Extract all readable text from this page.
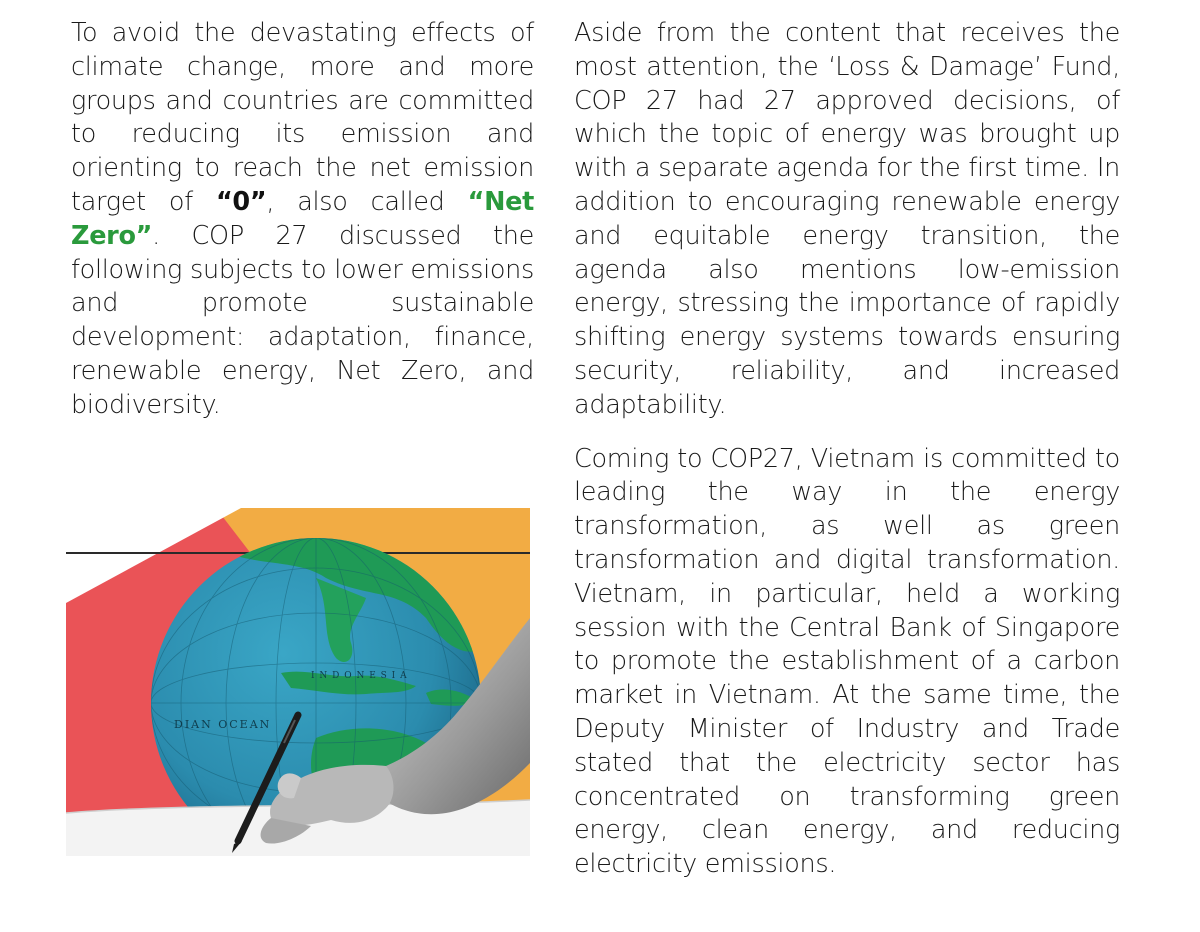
To avoid the devastating effects of climate change, more and more groups and countries are committed to reducing its emission and orienting to reach the net emission target of “0”, also called “Net Zero”. COP 27 discussed the following subjects to lower emissions and promote sustainable development: adaptation, finance, renewable energy, Net Zero, and biodiversity.

Aside from the content that receives the most attention, the ‘Loss & Damage’ Fund, COP 27 had 27 approved decisions, of which the topic of energy was brought up with a separate agenda for the first time. In addition to encouraging renewable energy and equitable energy transition, the agenda also mentions low-emission energy, stressing the importance of rapidly shifting energy systems towards ensuring security, reliability, and increased adaptability.

Coming to COP27, Vietnam is committed to leading the way in the energy transformation, as well as green transformation and digital transformation. Vietnam, in particular, held a working session with the Central Bank of Singapore to promote the establishment of a carbon market in Vietnam. At the same time, the Deputy Minister of Industry and Trade stated that the electricity sector has concentrated on transforming green energy, clean energy, and reducing electricity emissions.

DIAN OCEAN
I N D O N E S I A
